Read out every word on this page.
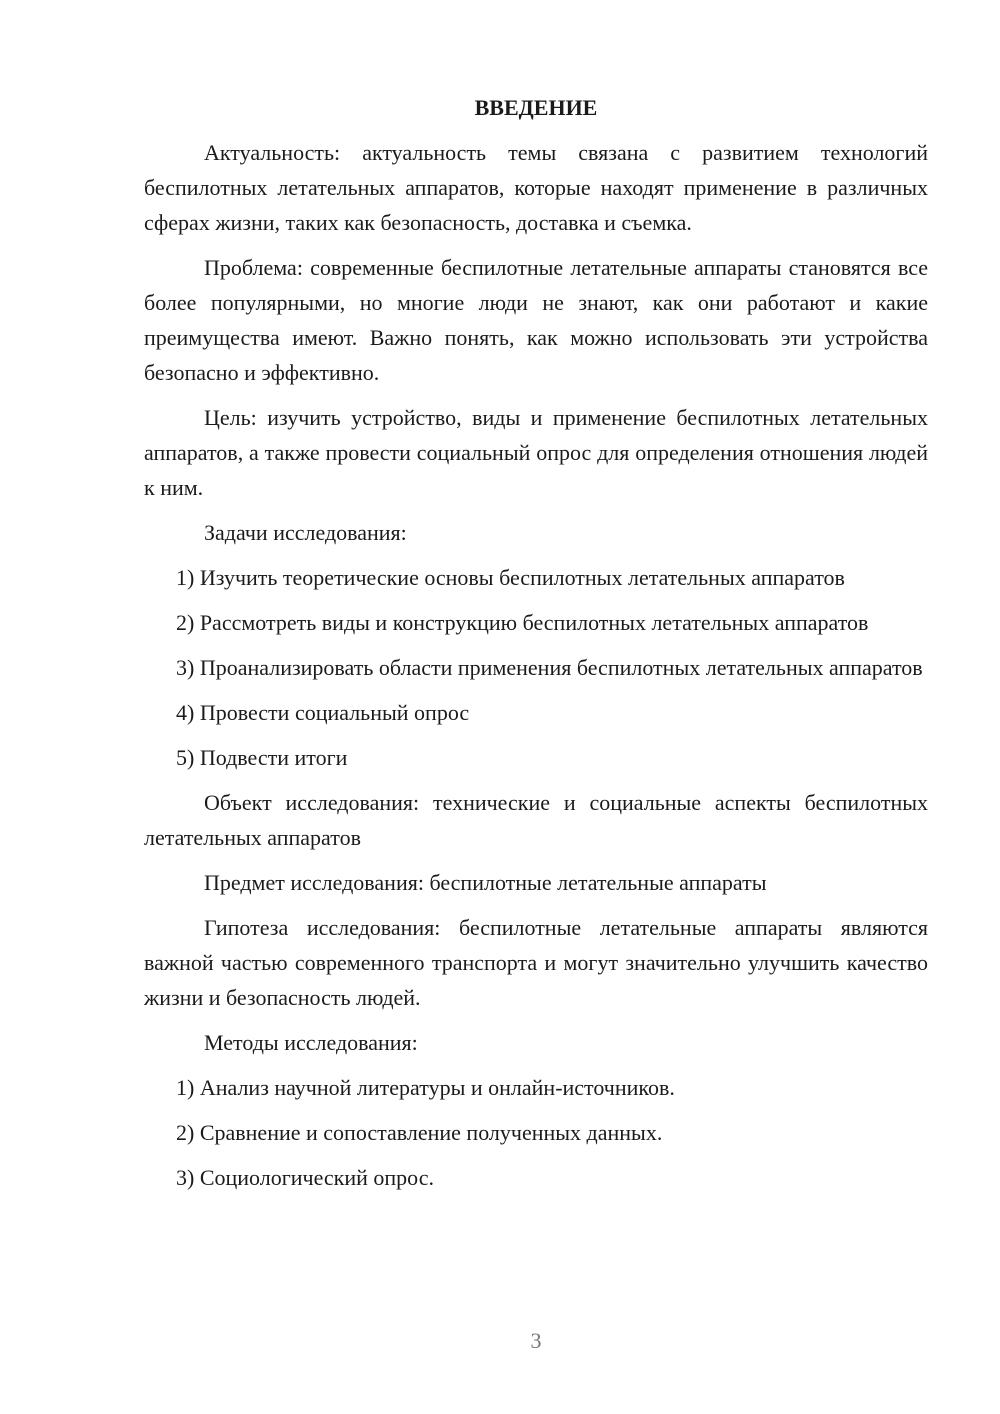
ВВЕДЕНИЕ

Актуальность: актуальность темы связана с развитием технологий беспилотных летательных аппаратов, которые находят применение в различных сферах жизни, таких как безопасность, доставка и съемка.

Проблема: современные беспилотные летательные аппараты становятся все более популярными, но многие люди не знают, как они работают и какие преимущества имеют. Важно понять, как можно использовать эти устройства безопасно и эффективно.

Цель: изучить устройство, виды и применение беспилотных летательных аппаратов, а также провести социальный опрос для определения отношения людей к ним.

Задачи исследования:

1) Изучить теоретические основы беспилотных летательных аппаратов

2) Рассмотреть виды и конструкцию беспилотных летательных аппаратов

3) Проанализировать области применения беспилотных летательных аппаратов

4) Провести социальный опрос

5) Подвести итоги

Объект исследования: технические и социальные аспекты беспилотных летательных аппаратов

Предмет исследования: беспилотные летательные аппараты

Гипотеза исследования: беспилотные летательные аппараты являются важной частью современного транспорта и могут значительно улучшить качество жизни и безопасность людей.

Методы исследования:

1) Анализ научной литературы и онлайн-источников.

2) Сравнение и сопоставление полученных данных.

3) Социологический опрос.

3
